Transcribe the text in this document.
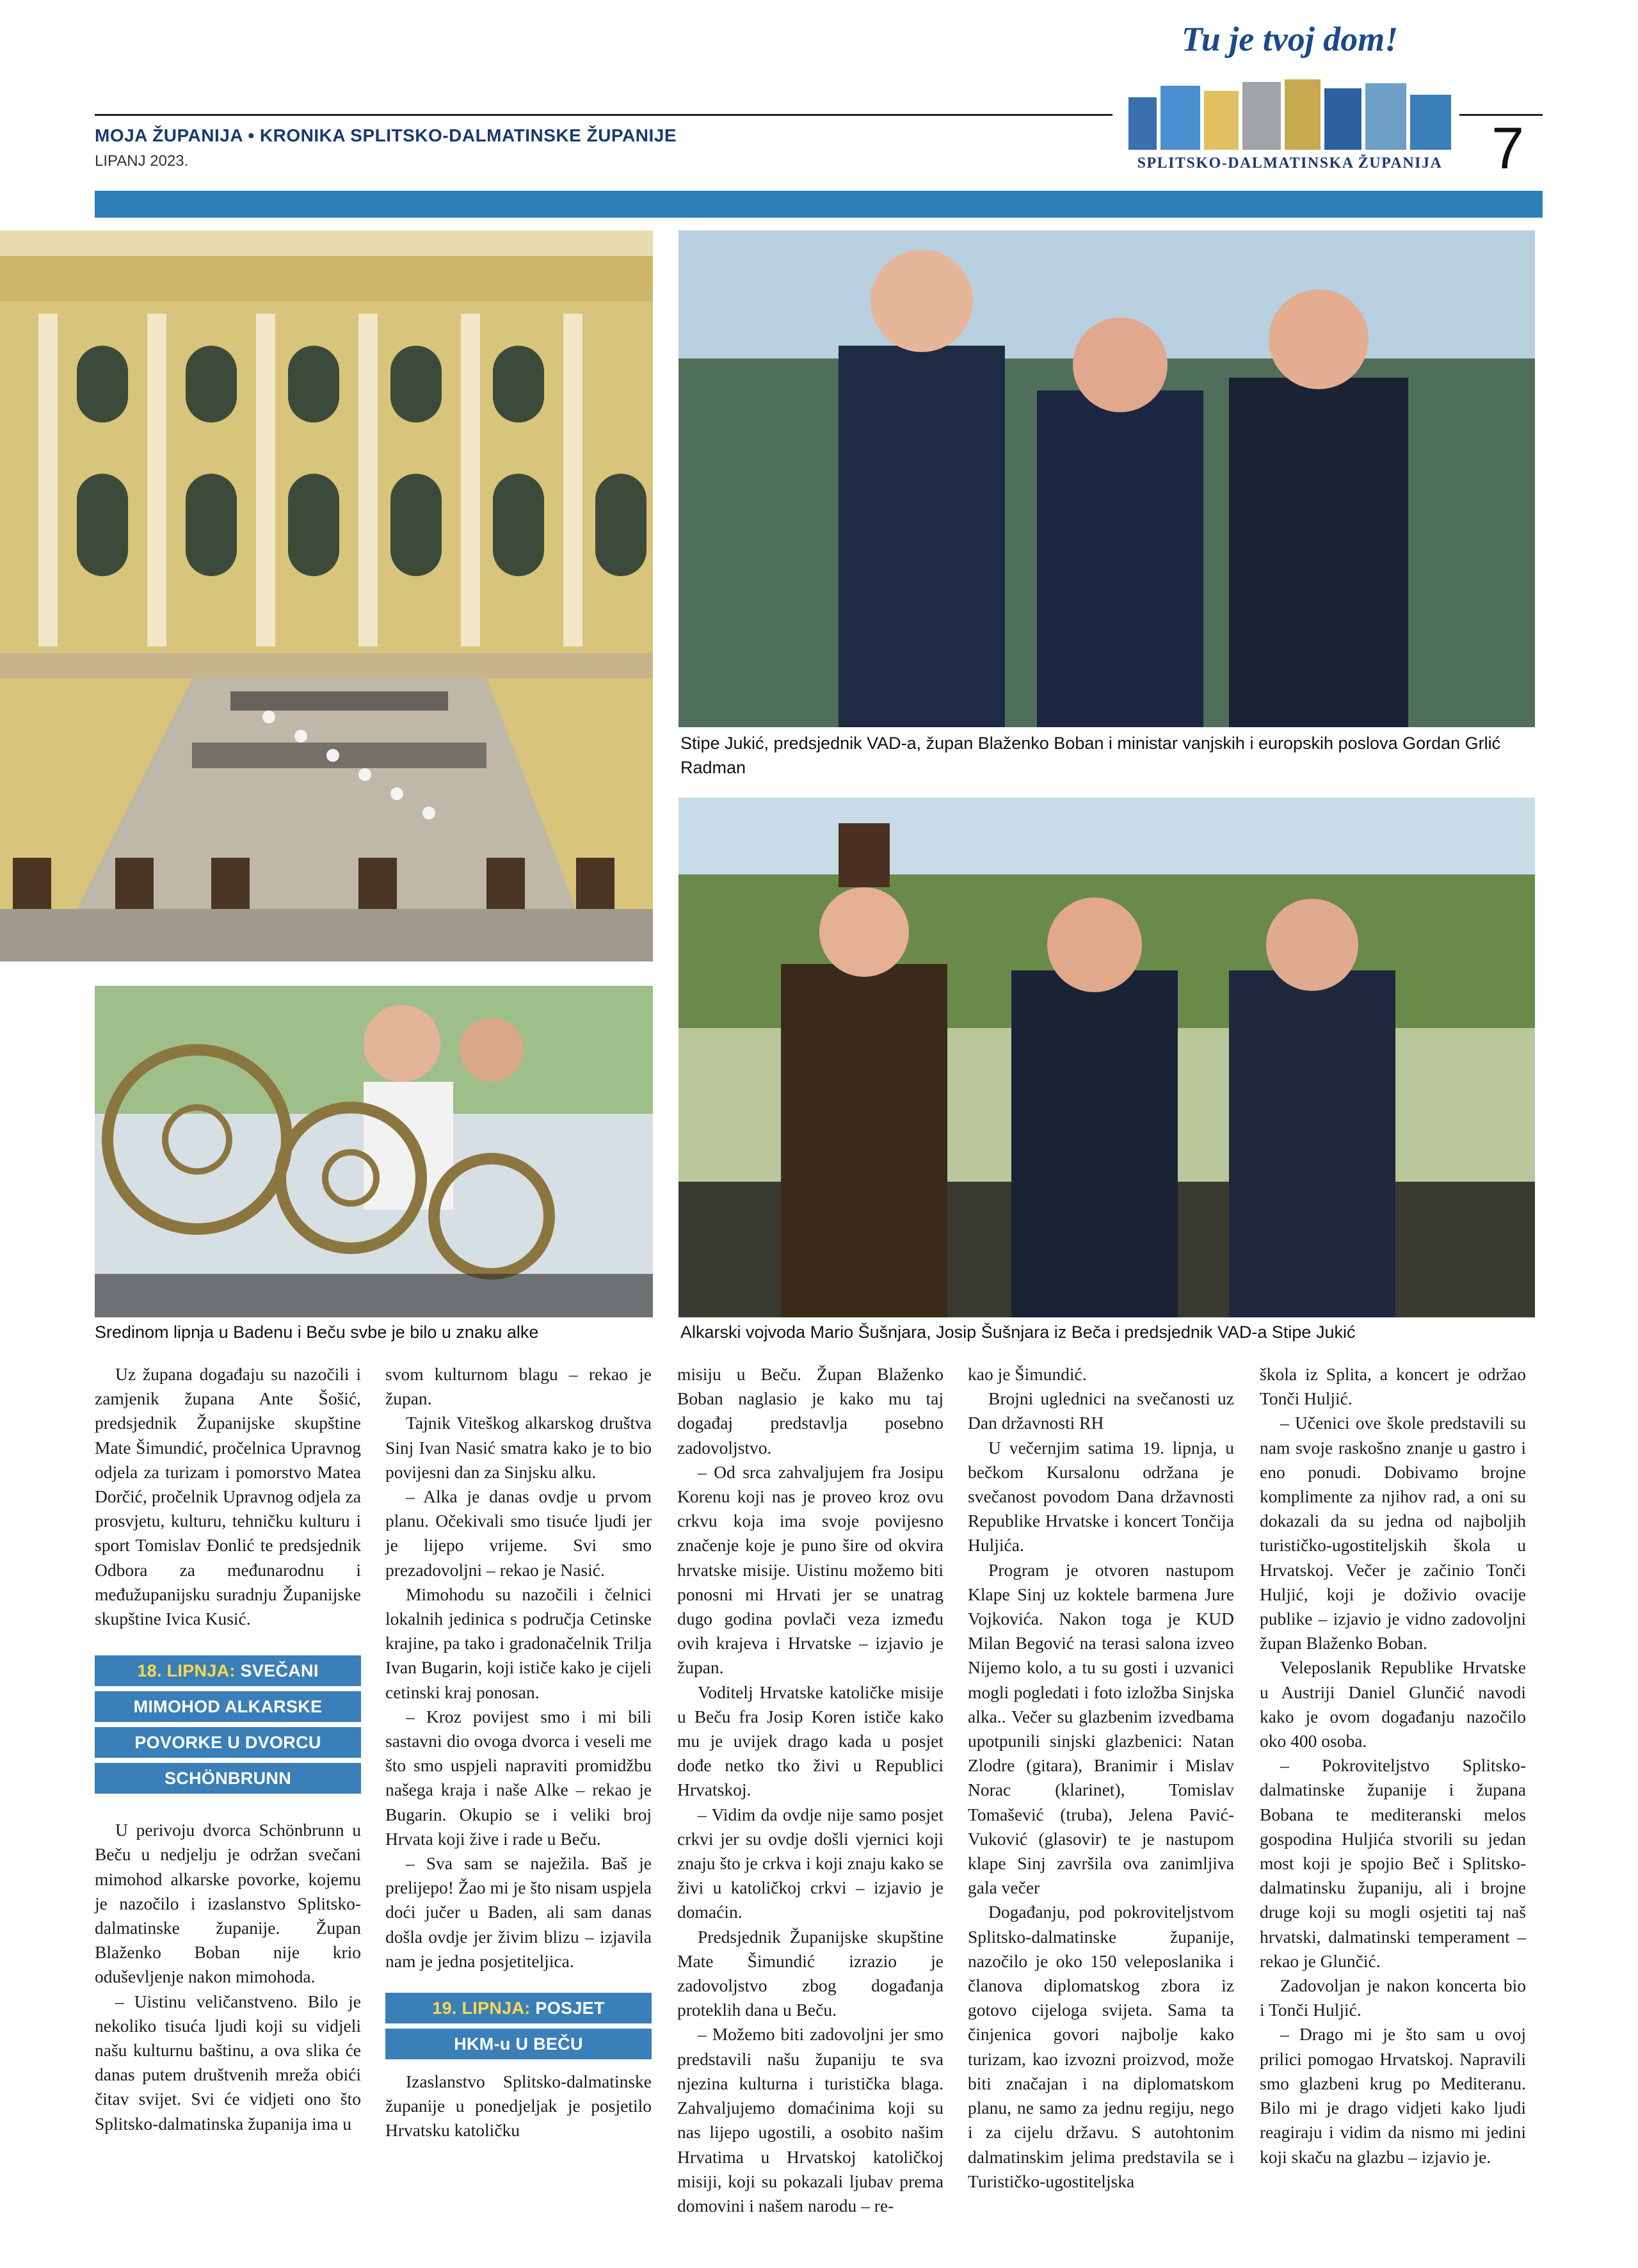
MOJA ŽUPANIJA • KRONIKA SPLITSKO-DALMATINSKE ŽUPANIJE
LIPANJ 2023.	7
Tu je tvoj dom!
SPLITSKO-DALMATINSKA ŽUPANIJA
Stipe Jukić, predsjednik VAD-a, župan Blaženko Boban i ministar vanjskih i europskih poslova Gordan Grlić Radman
Sredinom lipnja u Badenu i Beču svbe je bilo u znaku alke	Alkarski vojvoda Mario Šušnjara, Josip Šušnjara iz Beča i predsjednik VAD-a Stipe Jukić

Uz župana događaju su nazočili i zamjenik župana Ante Šošić, predsjednik Županijske skupštine Mate Šimundić, pročelnica Upravnog odjela za turizam i pomorstvo Matea Dorčić, pročelnik Upravnog odjela za prosvjetu, kulturu, tehničku kulturu i sport Tomislav Đonlić te predsjednik Odbora za međunarodnu i međužupanijsku suradnju Županijske skupštine Ivica Kusić.

18. LIPNJA: SVEČANI
MIMOHOD ALKARSKE
POVORKE U DVORCU
SCHÖNBRUNN

U perivoju dvorca Schönbrunn u Beču u nedjelju je održan svečani mimohod alkarske povorke, kojemu je nazočilo i izaslanstvo Splitsko-dalmatinske županije. Župan Blaženko Boban nije krio oduševljenje nakon mimohoda.

– Uistinu veličanstveno. Bilo je nekoliko tisuća ljudi koji su vidjeli našu kulturnu baštinu, a ova slika će danas putem društvenih mreža obići čitav svijet. Svi će vidjeti ono što Splitsko-dalmatinska županija ima u

svom kulturnom blagu – rekao je župan.

Tajnik Viteškog alkarskog društva Sinj Ivan Nasić smatra kako je to bio povijesni dan za Sinjsku alku.

– Alka je danas ovdje u prvom planu. Očekivali smo tisuće ljudi jer je lijepo vrijeme. Svi smo prezadovoljni – rekao je Nasić.

Mimohodu su nazočili i čelnici lokalnih jedinica s područja Cetinske krajine, pa tako i gradonačelnik Trilja Ivan Bugarin, koji ističe kako je cijeli cetinski kraj ponosan.

– Kroz povijest smo i mi bili sastavni dio ovoga dvorca i veseli me što smo uspjeli napraviti promidžbu našega kraja i naše Alke – rekao je Bugarin. Okupio se i veliki broj Hrvata koji žive i rade u Beču.

– Sva sam se naježila. Baš je prelijepo! Žao mi je što nisam uspjela doći jučer u Baden, ali sam danas došla ovdje jer živim blizu – izjavila nam je jedna posjetiteljica.

19. LIPNJA: POSJET
HKM-u U BEČU

Izaslanstvo Splitsko-dalmatinske županije u ponedjeljak je posjetilo Hrvatsku katoličku

misiju u Beču. Župan Blaženko Boban naglasio je kako mu taj događaj predstavlja posebno zadovoljstvo.

– Od srca zahvaljujem fra Josipu Korenu koji nas je proveo kroz ovu crkvu koja ima svoje povijesno značenje koje je puno šire od okvira hrvatske misije. Uistinu možemo biti ponosni mi Hrvati jer se unatrag dugo godina povlači veza između ovih krajeva i Hrvatske – izjavio je župan.

Voditelj Hrvatske katoličke misije u Beču fra Josip Koren ističe kako mu je uvijek drago kada u posjet dođe netko tko živi u Republici Hrvatskoj.

– Vidim da ovdje nije samo posjet crkvi jer su ovdje došli vjernici koji znaju što je crkva i koji znaju kako se živi u katoličkoj crkvi – izjavio je domaćin.

Predsjednik Županijske skupštine Mate Šimundić izrazio je zadovoljstvo zbog događanja proteklih dana u Beču.

– Možemo biti zadovoljni jer smo predstavili našu županiju te sva njezina kulturna i turistička blaga. Zahvaljujemo domaćinima koji su nas lijepo ugostili, a osobito našim Hrvatima u Hrvatskoj katoličkoj misiji, koji su pokazali ljubav prema domovini i našem narodu – re-

kao je Šimundić.

Brojni uglednici na svečanosti uz Dan državnosti RH

U večernjim satima 19. lipnja, u bečkom Kursalonu održana je svečanost povodom Dana državnosti Republike Hrvatske i koncert Tončija Huljića.

Program je otvoren nastupom Klape Sinj uz koktele barmena Jure Vojkovića. Nakon toga je KUD Milan Begović na terasi salona izveo Nijemo kolo, a tu su gosti i uzvanici mogli pogledati i foto izložba Sinjska alka.. Večer su glazbenim izvedbama upotpunili sinjski glazbenici: Natan Zlodre (gitara), Branimir i Mislav Norac (klarinet), Tomislav Tomašević (truba), Jelena Pavić-Vuković (glasovir) te je nastupom klape Sinj završila ova zanimljiva gala večer

Događanju, pod pokroviteljstvom Splitsko-dalmatinske županije, nazočilo je oko 150 veleposlanika i članova diplomatskog zbora iz gotovo cijeloga svijeta. Sama ta činjenica govori najbolje kako turizam, kao izvozni proizvod, može biti značajan i na diplomatskom planu, ne samo za jednu regiju, nego i za cijelu državu. S autohtonim dalmatinskim jelima predstavila se i Turističko-ugostiteljska

škola iz Splita, a koncert je održao Tonči Huljić.

– Učenici ove škole predstavili su nam svoje raskošno znanje u gastro i eno ponudi. Dobivamo brojne komplimente za njihov rad, a oni su dokazali da su jedna od najboljih turističko-ugostiteljskih škola u Hrvatskoj. Večer je začinio Tonči Huljić, koji je doživio ovacije publike – izjavio je vidno zadovoljni župan Blaženko Boban.

Veleposlanik Republike Hrvatske u Austriji Daniel Glunčić navodi kako je ovom događanju nazočilo oko 400 osoba.

– Pokroviteljstvo Splitsko-dalmatinske županije i župana Bobana te mediteranski melos gospodina Huljića stvorili su jedan most koji je spojio Beč i Splitsko-dalmatinsku županiju, ali i brojne druge koji su mogli osjetiti taj naš hrvatski, dalmatinski temperament – rekao je Glunčić.

Zadovoljan je nakon koncerta bio i Tonči Huljić.

– Drago mi je što sam u ovoj prilici pomogao Hrvatskoj. Napravili smo glazbeni krug po Mediteranu. Bilo mi je drago vidjeti kako ljudi reagiraju i vidim da nismo mi jedini koji skaču na glazbu – izjavio je.
